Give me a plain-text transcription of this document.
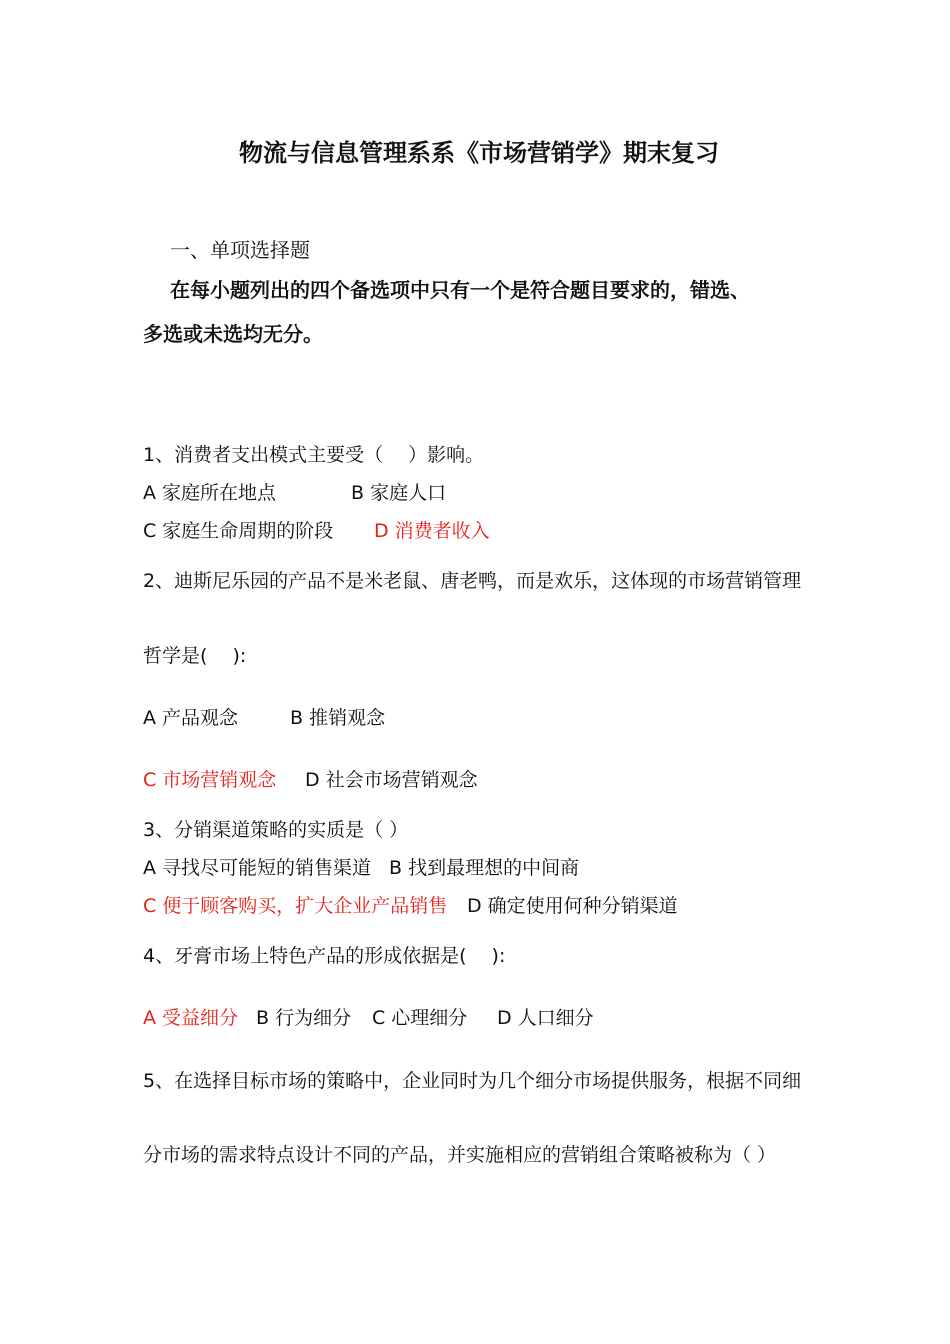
物流与信息管理系系《市场营销学》期末复习
一、单项选择题
在每小题列出的四个备选项中只有一个是符合题目要求的，错选、
多选或未选均无分。
1、消费者支出模式主要受（　 ）影响。
A 家庭所在地点	B 家庭人口
C 家庭生命周期的阶段 D 消费者收入
2、迪斯尼乐园的产品不是米老鼠、唐老鸭，而是欢乐，这体现的市场营销管理
哲学是(　 ):
A 产品观念	B 推销观念
C 市场营销观念 D 社会市场营销观念
3、分销渠道策略的实质是（ ）
A 寻找尽可能短的销售渠道 B 找到最理想的中间商
C 便于顾客购买，扩大企业产品销售 D 确定使用何种分销渠道
4、牙膏市场上特色产品的形成依据是(　 ):
A 受益细分 B 行为细分 C 心理细分 D 人口细分
5、在选择目标市场的策略中，企业同时为几个细分市场提供服务，根据不同细
分市场的需求特点设计不同的产品，并实施相应的营销组合策略被称为（ ）
